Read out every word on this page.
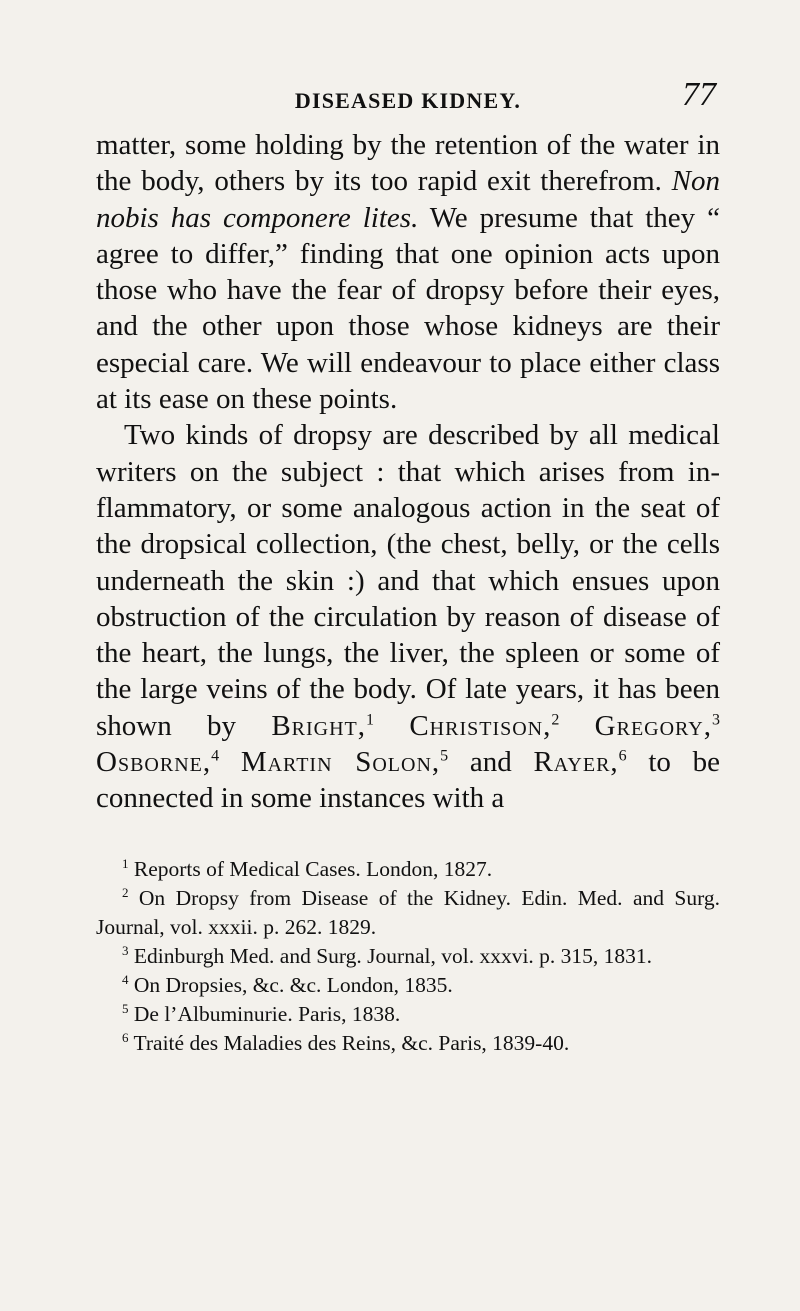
DISEASED KIDNEY.	77

matter, some holding by the retention of the water in the body, others by its too rapid exit therefrom. Non nobis has componere lites. We presume that they “ agree to differ,” finding that one opinion acts upon those who have the fear of dropsy before their eyes, and the other upon those whose kidneys are their especial care. We will endeavour to place either class at its ease on these points.

Two kinds of dropsy are described by all medical writers on the subject : that which arises from inflammatory, or some analogous action in the seat of the dropsical collection, (the chest, belly, or the cells underneath the skin :) and that which ensues upon obstruction of the circulation by reason of disease of the heart, the lungs, the liver, the spleen or some of the large veins of the body. Of late years, it has been shown by Bright,$^1$ Christison,$^2$ Gregory,$^3$ Osborne,$^4$ Martin Solon,$^5$ and Rayer,$^6$ to be connected in some instances with a

$^1$ Reports of Medical Cases. London, 1827.

$^2$ On Dropsy from Disease of the Kidney. Edin. Med. and Surg. Journal, vol. xxxii. p. 262. 1829.

$^3$ Edinburgh Med. and Surg. Journal, vol. xxxvi. p. 315, 1831.

$^4$ On Dropsies, &c. &c. London, 1835.

$^5$ De l’Albuminurie. Paris, 1838.

$^6$ Traité des Maladies des Reins, &c. Paris, 1839-40.
